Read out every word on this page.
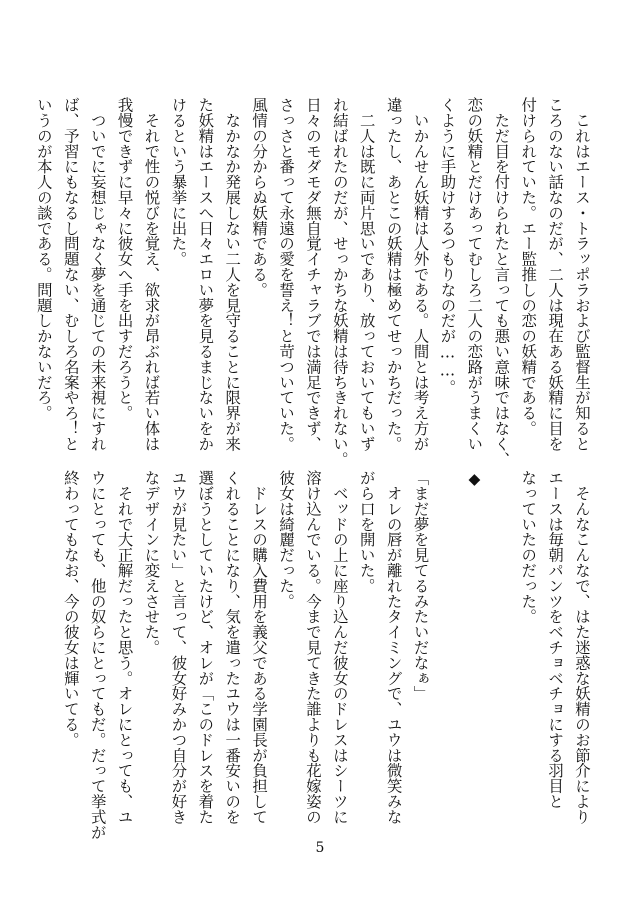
　これはエース・トラッポラおよび監督生が知ると
ころのない話なのだが、二人は現在ある妖精に目を
付けられていた。エー監推しの恋の妖精である。
　ただ目を付けられたと言っても悪い意味ではなく、
恋の妖精とだけあってむしろ二人の恋路がうまくい
くように手助けするつもりなのだが……。
　いかんせん妖精は人外である。人間とは考え方が
違ったし、あとこの妖精は極めてせっかちだった。
　二人は既に両片思いであり、放っておいてもいず
れ結ばれたのだが、せっかちな妖精は待ちきれない。
日々のモダモダ無自覚イチャラブでは満足できず、
さっさと番って永遠の愛を誓え！と苛ついていた。
風情の分からぬ妖精である。
　なかなか発展しない二人を見守ることに限界が来
た妖精はエースへ日々エロい夢を見るまじないをか
けるという暴挙に出た。
　それで性の悦びを覚え、欲求が昂ぶれば若い体は
我慢できずに早々に彼女へ手を出すだろうと。
　ついでに妄想じゃなく夢を通じての未来視にすれ
ば、予習にもなるし問題ない、むしろ名案やろ！と
いうのが本人の談である。問題しかないだろ。
　そんなこんなで、はた迷惑な妖精のお節介により
エースは毎朝パンツをベチョベチョにする羽目と
なっていたのだった。

◆

「まだ夢を見てるみたいだなぁ」
　オレの唇が離れたタイミングで、ユウは微笑みな
がら口を開いた。
　ベッドの上に座り込んだ彼女のドレスはシーツに
溶け込んでいる。今まで見てきた誰よりも花嫁姿の
彼女は綺麗だった。
　ドレスの購入費用を義父である学園長が負担して
くれることになり、気を遣ったユウは一番安いのを
選ぼうとしていたけど、オレが「このドレスを着た
ユウが見たい」と言って、彼女好みかつ自分が好き
なデザインに変えさせた。
　それで大正解だったと思う。オレにとっても、ユ
ウにとっても、他の奴らにとってもだ。だって挙式が
終わってもなお、今の彼女は輝いてる。
5
